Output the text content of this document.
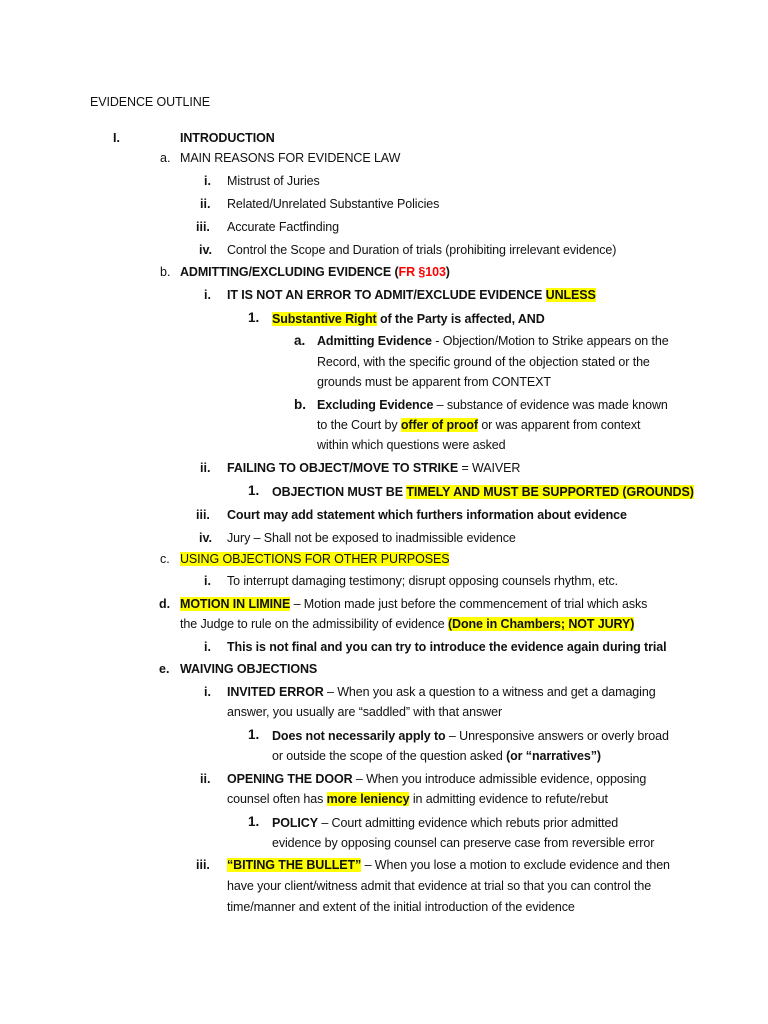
EVIDENCE OUTLINE
I.	INTRODUCTION
a. MAIN REASONS FOR EVIDENCE LAW
i. Mistrust of Juries
ii. Related/Unrelated Substantive Policies
iii. Accurate Factfinding
iv. Control the Scope and Duration of trials (prohibiting irrelevant evidence)
b. ADMITTING/EXCLUDING EVIDENCE (FR §103)
i. IT IS NOT AN ERROR TO ADMIT/EXCLUDE EVIDENCE UNLESS
1. Substantive Right of the Party is affected, AND
a. Admitting Evidence - Objection/Motion to Strike appears on the
Record, with the specific ground of the objection stated or the
grounds must be apparent from CONTEXT
b. Excluding Evidence – substance of evidence was made known
to the Court by offer of proof or was apparent from context
within which questions were asked
ii. FAILING TO OBJECT/MOVE TO STRIKE = WAIVER
1. OBJECTION MUST BE TIMELY AND MUST BE SUPPORTED (GROUNDS)
iii. Court may add statement which furthers information about evidence
iv. Jury – Shall not be exposed to inadmissible evidence
c. USING OBJECTIONS FOR OTHER PURPOSES
i. To interrupt damaging testimony; disrupt opposing counsels rhythm, etc.
d. MOTION IN LIMINE – Motion made just before the commencement of trial which asks
the Judge to rule on the admissibility of evidence (Done in Chambers; NOT JURY)
i. This is not final and you can try to introduce the evidence again during trial
e. WAIVING OBJECTIONS
i. INVITED ERROR – When you ask a question to a witness and get a damaging
answer, you usually are “saddled” with that answer
1. Does not necessarily apply to – Unresponsive answers or overly broad
or outside the scope of the question asked (or “narratives”)
ii. OPENING THE DOOR – When you introduce admissible evidence, opposing
counsel often has more leniency in admitting evidence to refute/rebut
1. POLICY – Court admitting evidence which rebuts prior admitted
evidence by opposing counsel can preserve case from reversible error
iii. “BITING THE BULLET” – When you lose a motion to exclude evidence and then
have your client/witness admit that evidence at trial so that you can control the
time/manner and extent of the initial introduction of the evidence
